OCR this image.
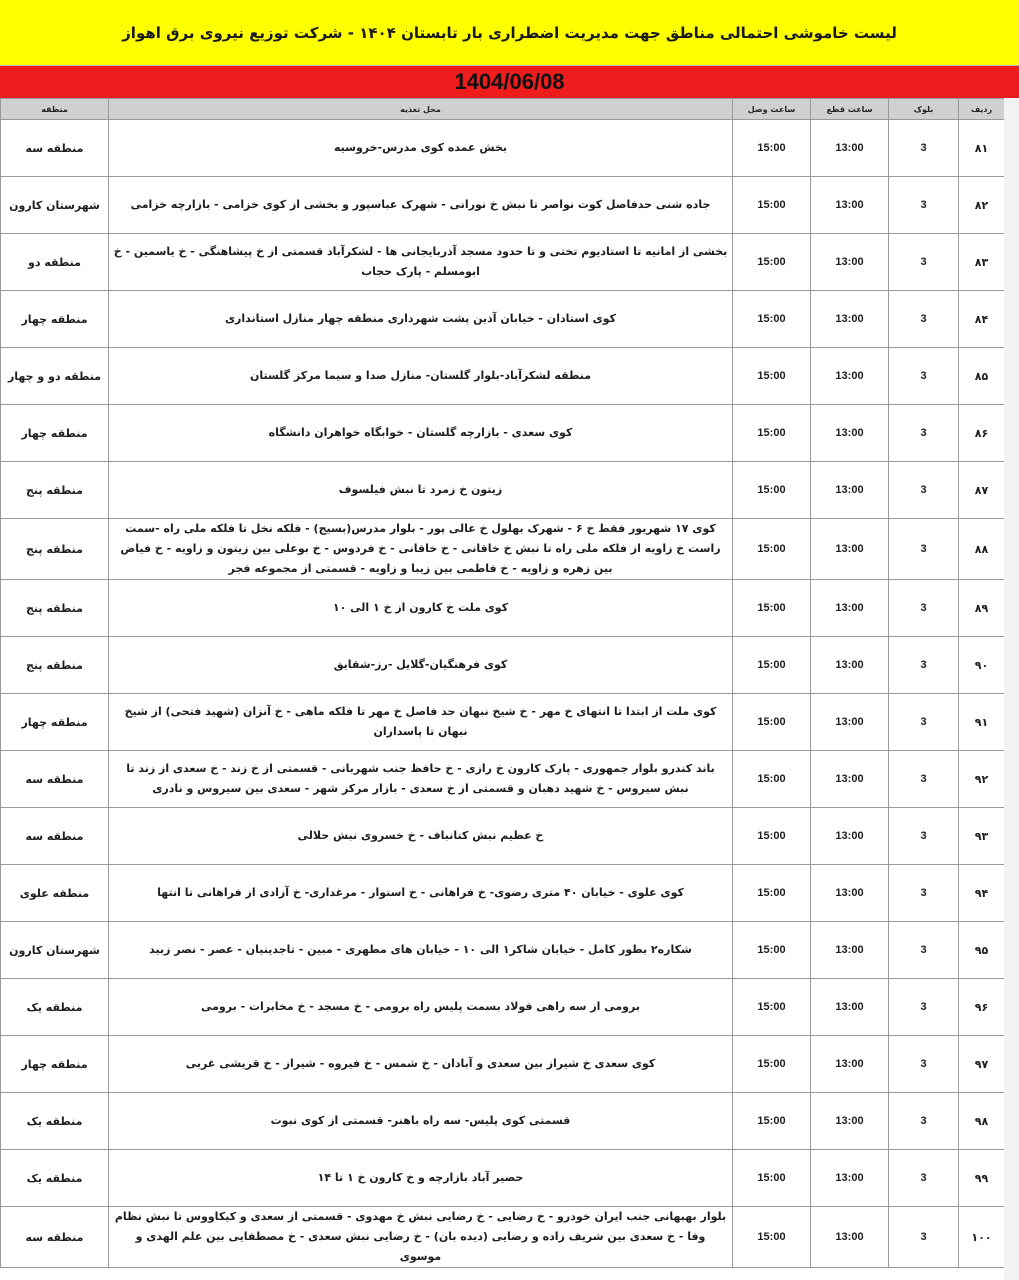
لیست خاموشی احتمالی مناطق جهت مدیریت اضطراری بار تابستان ۱۴۰۴ - شرکت توزیع نیروی برق اهواز
1404/06/08
ردیف	بلوک	ساعت قطع	ساعت وصل	محل تغذیه	منطقه
۸۱	3	13:00	15:00	بخش عمده کوی مدرس-خروسیه	منطقه سه
۸۲	3	13:00	15:00	جاده شنی حدفاصل کوت نواصر تا نبش خ نورانی - شهرک عباسپور و بخشی از کوی خزامی - بازارچه خزامی	شهرستان کارون
۸۳	3	13:00	15:00	بخشی از امانیه تا استادیوم تختی و تا حدود مسجد آذربایجانی ها - لشکرآباد قسمتی از خ پیشاهنگی - خ یاسمین - خ ابومسلم - پارک حجاب	منطقه دو
۸۴	3	13:00	15:00	کوی استادان - خیابان آذین پشت شهرداری منطقه چهار منازل استانداری	منطقه چهار
۸۵	3	13:00	15:00	منطقه لشکرآباد-بلوار گلستان- منازل صدا و سیما مرکز گلستان	منطقه دو و چهار
۸۶	3	13:00	15:00	کوی سعدی - بازارچه گلستان - خوابگاه خواهران دانشگاه	منطقه چهار
۸۷	3	13:00	15:00	زیتون خ زمرد تا نبش فیلسوف	منطقه پنج
۸۸	3	13:00	15:00	کوی ۱۷ شهریور فقط خ ۶ - شهرک بهلول خ عالی پور - بلوار مدرس(بسیج) - فلکه نخل تا فلکه ملی راه -سمت راست خ زاویه از فلکه ملی راه تا نبش خ خاقانی - خ خاقانی - خ فردوس - خ بوعلی بین زیتون و زاویه - خ فیاض بین زهره و زاویه - خ فاطمی بین زیبا و زاویه - قسمتی از مجموعه فجر	منطقه پنج
۸۹	3	13:00	15:00	کوی ملت خ کارون از خ ۱ الی ۱۰	منطقه پنج
۹۰	3	13:00	15:00	کوی فرهنگیان-گلایل -رز-شقایق	منطقه پنج
۹۱	3	13:00	15:00	کوی ملت از ابتدا تا انتهای خ مهر - خ شیخ نبهان حد فاصل خ مهر تا فلکه ماهی - خ آنزان (شهید فتحی) از شیخ نبهان تا پاسداران	منطقه چهار
۹۲	3	13:00	15:00	باند کندرو بلوار جمهوری - پارک کارون خ رازی - خ حافظ جنب شهربانی - قسمتی از خ زند - خ سعدی از زند تا نبش سیروس - خ شهید دهبان و قسمتی از خ سعدی - بازار مرکز شهر - سعدی بین سیروس و نادری	منطقه سه
۹۳	3	13:00	15:00	خ عظیم نبش کتانباف - خ خسروی نبش حلالی	منطقه سه
۹۴	3	13:00	15:00	کوی علوی - خیابان ۴۰ متری رضوی- خ فراهانی - خ استوار - مرغداری- خ آزادی از فراهانی تا انتها	منطقه علوی
۹۵	3	13:00	15:00	شکاره۲ بطور کامل - خیابان شاکر۱ الی ۱۰ - خیابان های مطهری - مبین - تاجدینیان - عصر - نصر زبید	شهرستان کارون
۹۶	3	13:00	15:00	برومی از سه راهی فولاد بسمت پلیس راه برومی - خ مسجد - خ مخابرات - برومی	منطقه یک
۹۷	3	13:00	15:00	کوی سعدی خ شیراز بین سعدی و آبادان - خ شمس - خ فیروه - شیراز - خ قریشی غربی	منطقه چهار
۹۸	3	13:00	15:00	قسمتی کوی پلیس- سه راه باهنر- قسمتی از کوی نبوت	منطقه یک
۹۹	3	13:00	15:00	حصیر آباد بازارچه و خ کارون خ ۱ تا ۱۴	منطقه یک
۱۰۰	3	13:00	15:00	بلوار بهبهانی جنب ایران خودرو - خ رضایی - خ رضایی نبش خ مهدوی - قسمتی از سعدی و کیکاووس تا نبش نظام وفا - خ سعدی بین شریف زاده و رضایی (دیده بان) - خ رضایی نبش سعدی - خ مصطفایی بین علم الهدی و موسوی	منطقه سه
